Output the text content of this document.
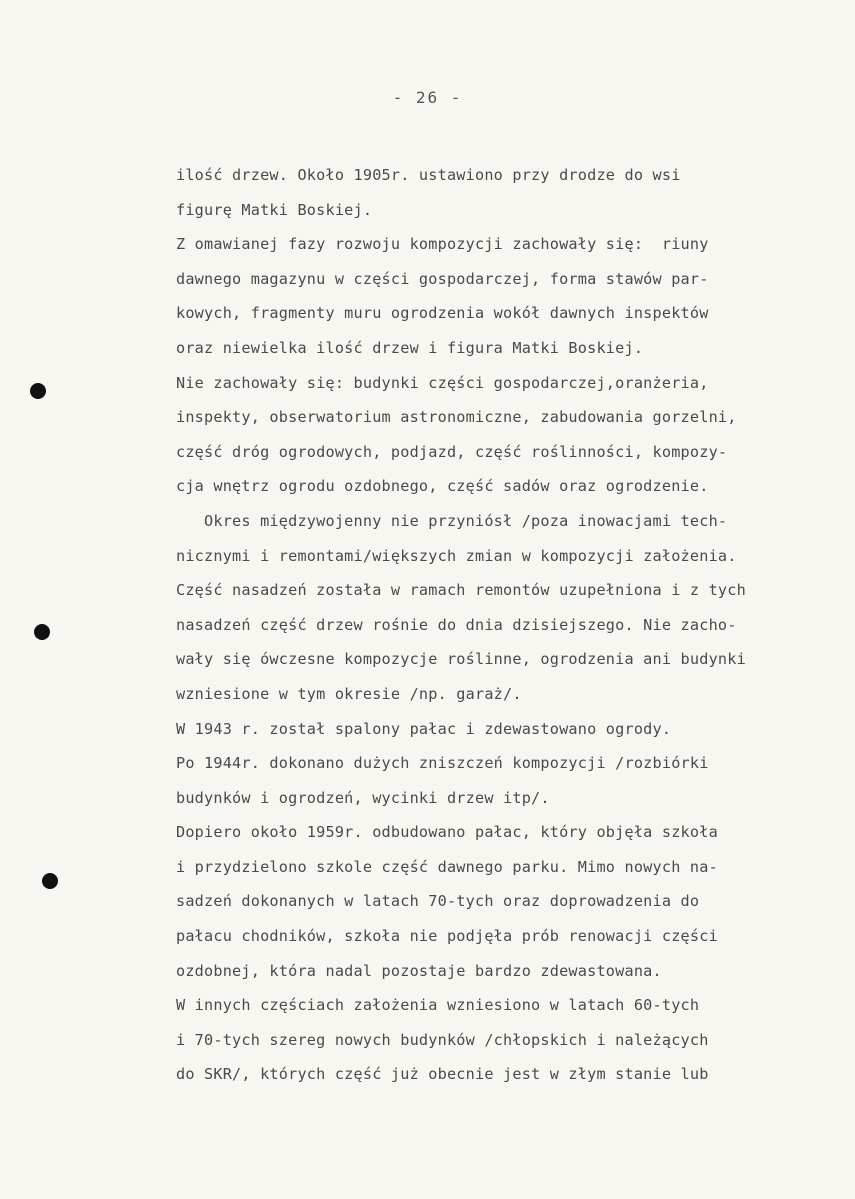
- 26 -
ilość drzew. Około 1905r. ustawiono przy drodze do wsi
figurę Matki Boskiej.
Z omawianej fazy rozwoju kompozycji zachowały się:  riuny
dawnego magazynu w części gospodarczej, forma stawów par-
kowych, fragmenty muru ogrodzenia wokół dawnych inspektów
oraz niewielka ilość drzew i figura Matki Boskiej.
Nie zachowały się: budynki części gospodarczej,oranżeria,
inspekty, obserwatorium astronomiczne, zabudowania gorzelni,
część dróg ogrodowych, podjazd, część roślinności, kompozy-
cja wnętrz ogrodu ozdobnego, część sadów oraz ogrodzenie.
Okres międzywojenny nie przyniósł /poza inowacjami tech-
nicznymi i remontami/większych zmian w kompozycji założenia.
Część nasadzeń została w ramach remontów uzupełniona i z tych
nasadzeń część drzew rośnie do dnia dzisiejszego. Nie zacho-
wały się ówczesne kompozycje roślinne, ogrodzenia ani budynki
wzniesione w tym okresie /np. garaż/.
W 1943 r. został spalony pałac i zdewastowano ogrody.
Po 1944r. dokonano dużych zniszczeń kompozycji /rozbiórki
budynków i ogrodzeń, wycinki drzew itp/.
Dopiero około 1959r. odbudowano pałac, który objęła szkoła
i przydzielono szkole część dawnego parku. Mimo nowych na-
sadzeń dokonanych w latach 70-tych oraz doprowadzenia do
pałacu chodników, szkoła nie podjęła prób renowacji części
ozdobnej, która nadal pozostaje bardzo zdewastowana.
W innych częściach założenia wzniesiono w latach 60-tych
i 70-tych szereg nowych budynków /chłopskich i należących
do SKR/, których część już obecnie jest w złym stanie lub
